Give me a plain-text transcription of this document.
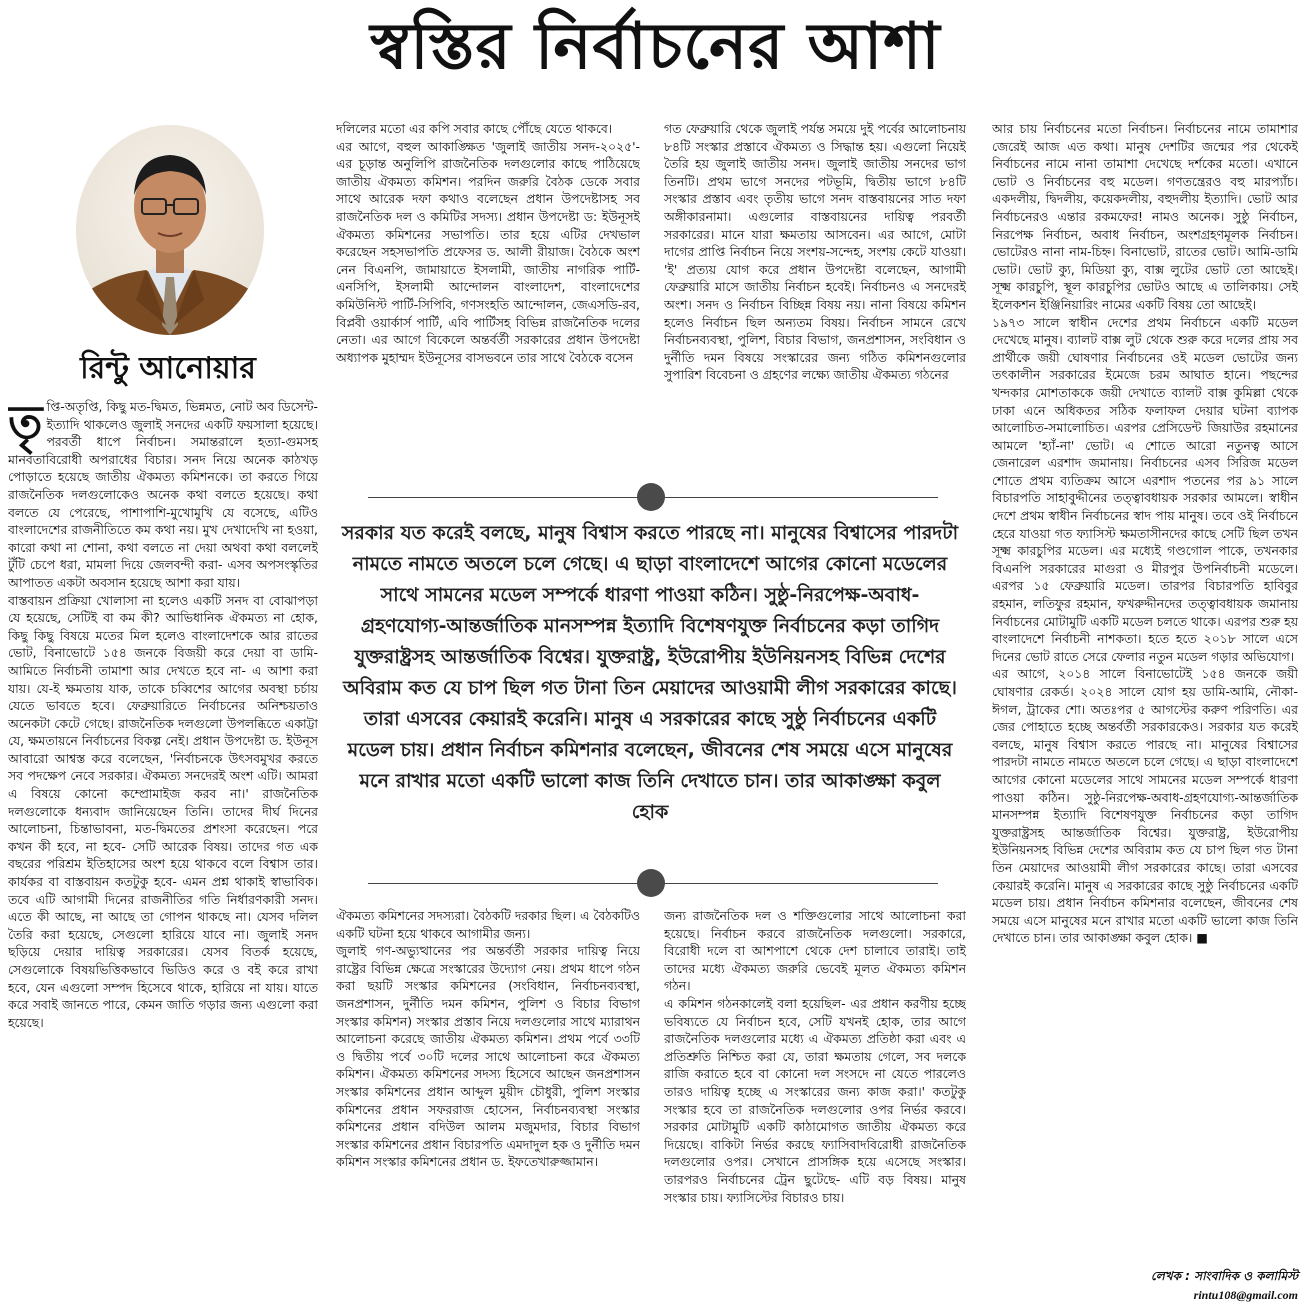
স্বস্তির নির্বাচনের আশা
রিন্টু আনোয়ার

তৃপ্তি-অতৃপ্তি, কিছু মত-দ্বিমত, ভিন্নমত, নোট অব ডিসেন্ট- ইত্যাদি থাকলেও জুলাই সনদের একটি ফয়সালা হয়েছে। পরবর্তী ধাপে নির্বাচন। সমান্তরালে হত্যা-গুমসহ মানবতাবিরোধী অপরাধের বিচার। সনদ নিয়ে অনেক কাঠখড় পোড়াতে হয়েছে জাতীয় ঐকমত্য কমিশনকে। তা করতে গিয়ে রাজনৈতিক দলগুলোকেও অনেক কথা বলতে হয়েছে। কথা বলতে যে পেরেছে, পাশাপাশি-মুখোমুখি যে বসেছে, এটিও বাংলাদেশের রাজনীতিতে কম কথা নয়। মুখ দেখাদেখি না হওয়া, কারো কথা না শোনা, কথা বলতে না দেয়া অথবা কথা বললেই টুঁটি চেপে ধরা, মামলা দিয়ে জেলবন্দী করা- এসব অপসংস্কৃতির আপাতত একটা অবসান হয়েছে আশা করা যায়।

বাস্তবায়ন প্রক্রিয়া খোলাসা না হলেও একটি সনদ বা বোঝাপড়া যে হয়েছে, সেটিই বা কম কী? আভিধানিক ঐকমত্য না হোক, কিছু কিছু বিষয়ে মতের মিল হলেও বাংলাদেশকে আর রাতের ভোট, বিনাভোটে ১৫৪ জনকে বিজয়ী করে দেয়া বা ডামি-আমিতে নির্বাচনী তামাশা আর দেখতে হবে না- এ আশা করা যায়। যে-ই ক্ষমতায় যাক, তাকে চব্বিশের আগের অবস্থা চর্চায় যেতে ভাবতে হবে। ফেব্রুয়ারিতে নির্বাচনের অনিশ্চয়তাও অনেকটা কেটে গেছে। রাজনৈতিক দলগুলো উপলব্ধিতে একাট্টা যে, ক্ষমতায়নে নির্বাচনের বিকল্প নেই। প্রধান উপদেষ্টা ড. ইউনূস আবারো আশ্বস্ত করে বলেছেন, 'নির্বাচনকে উৎসবমুখর করতে সব পদক্ষেপ নেবে সরকার। ঐকমত্য সনদেরই অংশ এটি। আমরা এ বিষয়ে কোনো কম্প্রোমাইজ করব না।' রাজনৈতিক দলগুলোকে ধন্যবাদ জানিয়েছেন তিনি। তাদের দীর্ঘ দিনের আলোচনা, চিন্তাভাবনা, মত-দ্বিমতের প্রশংসা করেছেন। পরে কখন কী হবে, না হবে- সেটি আরেক বিষয়। তাদের গত এক বছরের পরিশ্রম ইতিহাসের অংশ হয়ে থাকবে বলে বিশ্বাস তার। কার্যকর বা বাস্তবায়ন কতটুকু হবে- এমন প্রশ্ন থাকাই স্বাভাবিক। তবে এটি আগামী দিনের রাজনীতির গতি নির্ধারণকারী সনদ। এতে কী আছে, না আছে তা গোপন থাকছে না। যেসব দলিল তৈরি করা হয়েছে, সেগুলো হারিয়ে যাবে না। জুলাই সনদ ছড়িয়ে দেয়ার দায়িত্ব সরকারের। যেসব বিতর্ক হয়েছে, সেগুলোকে বিষয়ভিত্তিকভাবে ভিডিও করে ও বই করে রাখা হবে, যেন এগুলো সম্পদ হিসেবে থাকে, হারিয়ে না যায়। যাতে করে সবাই জানতে পারে, কেমন জাতি গড়ার জন্য এগুলো করা হয়েছে।

দলিলের মতো এর কপি সবার কাছে পৌঁছে যেতে থাকবে।

এর আগে, বহুল আকাঙ্ক্ষিত 'জুলাই জাতীয় সনদ-২০২৫'-এর চূড়ান্ত অনুলিপি রাজনৈতিক দলগুলোর কাছে পাঠিয়েছে জাতীয় ঐকমত্য কমিশন। পরদিন জরুরি বৈঠক ডেকে সবার সাথে আরেক দফা কথাও বলেছেন প্রধান উপদেষ্টাসহ সব রাজনৈতিক দল ও কমিটির সদস্য। প্রধান উপদেষ্টা ড: ইউনূসই ঐকমত্য কমিশনের সভাপতি। তার হয়ে এটির দেখভাল করেছেন সহসভাপতি প্রফেসর ড. আলী রীয়াজ। বৈঠকে অংশ নেন বিএনপি, জামায়াতে ইসলামী, জাতীয় নাগরিক পার্টি-এনসিপি, ইসলামী আন্দোলন বাংলাদেশ, বাংলাদেশের কমিউনিস্ট পার্টি-সিপিবি, গণসংহতি আন্দোলন, জেএসডি-রব, বিপ্লবী ওয়ার্কার্স পার্টি, এবি পার্টিসহ বিভিন্ন রাজনৈতিক দলের নেতা। এর আগে বিকেলে অন্তর্বর্তী সরকারের প্রধান উপদেষ্টা অধ্যাপক মুহাম্মদ ইউনূসের বাসভবনে তার সাথে বৈঠকে বসেন

গত ফেব্রুয়ারি থেকে জুলাই পর্যন্ত সময়ে দুই পর্বের আলোচনায় ৮৪টি সংস্কার প্রস্তাবে ঐকমত্য ও সিদ্ধান্ত হয়। এগুলো নিয়েই তৈরি হয় জুলাই জাতীয় সনদ। জুলাই জাতীয় সনদের ভাগ তিনটি। প্রথম ভাগে সনদের পটভূমি, দ্বিতীয় ভাগে ৮৪টি সংস্কার প্রস্তাব এবং তৃতীয় ভাগে সনদ বাস্তবায়নের সাত দফা অঙ্গীকারনামা। এগুলোর বাস্তবায়নের দায়িত্ব পরবর্তী সরকারের। মানে যারা ক্ষমতায় আসবেন। এর আগে, মোটা দাগের প্রাপ্তি নির্বাচন নিয়ে সংশয়-সন্দেহ, সংশয় কেটে যাওয়া। 'ই' প্রত্যয় যোগ করে প্রধান উপদেষ্টা বলেছেন, আগামী ফেব্রুয়ারি মাসে জাতীয় নির্বাচন হবেই। নির্বাচনও এ সনদেরই অংশ। সনদ ও নির্বাচন বিচ্ছিন্ন বিষয় নয়। নানা বিষয়ে কমিশন হলেও নির্বাচন ছিল অন্যতম বিষয়। নির্বাচন সামনে রেখে নির্বাচনব্যবস্থা, পুলিশ, বিচার বিভাগ, জনপ্রশাসন, সংবিধান ও দুর্নীতি দমন বিষয়ে সংস্কারের জন্য গঠিত কমিশনগুলোর সুপারিশ বিবেচনা ও গ্রহণের লক্ষ্যে জাতীয় ঐকমত্য গঠনের

আর চায় নির্বাচনের মতো নির্বাচন। নির্বাচনের নামে তামাশার জেরেই আজ এত কথা। মানুষ দেশটির জন্মের পর থেকেই নির্বাচনের নামে নানা তামাশা দেখেছে দর্শকের মতো। এখানে ভোট ও নির্বাচনের বহু মডেল। গণতন্ত্রেরও বহু মারপ্যাঁচ। একদলীয়, দ্বিদলীয়, কয়েকদলীয়, বহুদলীয় ইত্যাদি। ভোট আর নির্বাচনেরও এন্তার রকমফের! নামও অনেক। সুষ্ঠু নির্বাচন, নিরপেক্ষ নির্বাচন, অবাধ নির্বাচন, অংশগ্রহণমূলক নির্বাচন। ভোটেরও নানা নাম-চিহ্ন। বিনাভোট, রাতের ভোট। আমি-ডামি ভোট। ভোট ক্যু, মিডিয়া ক্যু, বাক্স লুটের ভোট তো আছেই। সূক্ষ্ম কারচুপি, স্থূল কারচুপির ভোটও আছে এ তালিকায়। সেই ইলেকশন ইঞ্জিনিয়ারিং নামের একটি বিষয় তো আছেই।

১৯৭৩ সালে স্বাধীন দেশের প্রথম নির্বাচনে একটি মডেল দেখেছে মানুষ। ব্যালট বাক্স লুট থেকে শুরু করে দলের প্রায় সব প্রার্থীকে জয়ী ঘোষণার নির্বাচনের ওই মডেল ভোটের জন্য তৎকালীন সরকারের ইমেজে চরম আঘাত হানে। পছন্দের খন্দকার মোশতাককে জয়ী দেখাতে ব্যালট বাক্স কুমিল্লা থেকে ঢাকা এনে অধিকতর সঠিক ফলাফল দেয়ার ঘটনা ব্যাপক আলোচিত-সমালোচিত। এরপর প্রেসিডেন্ট জিয়াউর রহমানের আমলে 'হ্যাঁ-না' ভোট। এ শোতে আরো নতুনত্ব আসে জেনারেল এরশাদ জমানায়। নির্বাচনের এসব সিরিজ মডেল শোতে প্রথম ব্যতিক্রম আসে এরশাদ পতনের পর ৯১ সালে বিচারপতি সাহাবুদ্দীনের তত্ত্বাবধায়ক সরকার আমলে। স্বাধীন দেশে প্রথম স্বাধীন নির্বাচনের স্বাদ পায় মানুষ। তবে ওই নির্বাচনে হেরে যাওয়া গত ফ্যাসিস্ট ক্ষমতাসীনদের কাছে সেটি ছিল তখন সূক্ষ্ম কারচুপির মডেল। এর মধ্যেই গণ্ডগোল পাকে, তখনকার বিএনপি সরকারের মাগুরা ও মীরপুর উপনির্বাচনী মডেলে। এরপর ১৫ ফেব্রুয়ারি মডেল। তারপর বিচারপতি হাবিবুর রহমান, লতিফুর রহমান, ফখরুদ্দীনদের তত্ত্বাবধায়ক জমানায় নির্বাচনের মোটামুটি একটি মডেল চলতে থাকে। এরপর শুরু হয় বাংলাদেশে নির্বাচনী নাশকতা। হতে হতে ২০১৮ সালে এসে দিনের ভোট রাতে সেরে ফেলার নতুন মডেল গড়ার অভিযোগ।

এর আগে, ২০১৪ সালে বিনাভোটেই ১৫৪ জনকে জয়ী ঘোষণার রেকর্ড। ২০২৪ সালে যোগ হয় ডামি-আমি, নৌকা-ঈগল, ট্রাকের শো। অতঃপর ৫ আগস্টের করুণ পরিণতি। এর জের পোহাতে হচ্ছে অন্তর্বর্তী সরকারকেও। সরকার যত করেই বলছে, মানুষ বিশ্বাস করতে পারছে না। মানুষের বিশ্বাসের পারদটা নামতে নামতে অতলে চলে গেছে। এ ছাড়া বাংলাদেশে আগের কোনো মডেলের সাথে সামনের মডেল সম্পর্কে ধারণা পাওয়া কঠিন। সুষ্ঠু-নিরপেক্ষ-অবাধ-গ্রহণযোগ্য-আন্তর্জাতিক মানসম্পন্ন ইত্যাদি বিশেষণযুক্ত নির্বাচনের কড়া তাগিদ যুক্তরাষ্ট্রসহ আন্তর্জাতিক বিশ্বের। যুক্তরাষ্ট্র, ইউরোপীয় ইউনিয়নসহ বিভিন্ন দেশের অবিরাম কত যে চাপ ছিল গত টানা তিন মেয়াদের আওয়ামী লীগ সরকারের কাছে। তারা এসবের কেয়ারই করেনি। মানুষ এ সরকারের কাছে সুষ্ঠু নির্বাচনের একটি মডেল চায়। প্রধান নির্বাচন কমিশনার বলেছেন, জীবনের শেষ সময়ে এসে মানুষের মনে রাখার মতো একটি ভালো কাজ তিনি দেখাতে চান। তার আকাঙ্ক্ষা কবুল হোক। ■

সরকার যত করেই বলছে, মানুষ বিশ্বাস করতে পারছে না। মানুষের বিশ্বাসের পারদটা নামতে নামতে অতলে চলে গেছে। এ ছাড়া বাংলাদেশে আগের কোনো মডেলের সাথে সামনের মডেল সম্পর্কে ধারণা পাওয়া কঠিন। সুষ্ঠু-নিরপেক্ষ-অবাধ-গ্রহণযোগ্য-আন্তর্জাতিক মানসম্পন্ন ইত্যাদি বিশেষণযুক্ত নির্বাচনের কড়া তাগিদ যুক্তরাষ্ট্রসহ আন্তর্জাতিক বিশ্বের। যুক্তরাষ্ট্র, ইউরোপীয় ইউনিয়নসহ বিভিন্ন দেশের অবিরাম কত যে চাপ ছিল গত টানা তিন মেয়াদের আওয়ামী লীগ সরকারের কাছে। তারা এসবের কেয়ারই করেনি। মানুষ এ সরকারের কাছে সুষ্ঠু নির্বাচনের একটি মডেল চায়। প্রধান নির্বাচন কমিশনার বলেছেন, জীবনের শেষ সময়ে এসে মানুষের মনে রাখার মতো একটি ভালো কাজ তিনি দেখাতে চান। তার আকাঙ্ক্ষা কবুল হোক

ঐকমত্য কমিশনের সদস্যরা। বৈঠকটি দরকার ছিল। এ বৈঠকটিও একটি ঘটনা হয়ে থাকবে আগামীর জন্য।

জুলাই গণ-অভ্যুত্থানের পর অন্তর্বর্তী সরকার দায়িত্ব নিয়ে রাষ্ট্রের বিভিন্ন ক্ষেত্রে সংস্কারের উদ্যোগ নেয়। প্রথম ধাপে গঠন করা ছয়টি সংস্কার কমিশনের (সংবিধান, নির্বাচনব্যবস্থা, জনপ্রশাসন, দুর্নীতি দমন কমিশন, পুলিশ ও বিচার বিভাগ সংস্কার কমিশন) সংস্কার প্রস্তাব নিয়ে দলগুলোর সাথে ম্যারাথন আলোচনা করেছে জাতীয় ঐকমত্য কমিশন। প্রথম পর্বে ৩৩টি ও দ্বিতীয় পর্বে ৩০টি দলের সাথে আলোচনা করে ঐকমত্য কমিশন। ঐকমত্য কমিশনের সদস্য হিসেবে আছেন জনপ্রশাসন সংস্কার কমিশনের প্রধান আব্দুল মুয়ীদ চৌধুরী, পুলিশ সংস্কার কমিশনের প্রধান সফররাজ হোসেন, নির্বাচনব্যবস্থা সংস্কার কমিশনের প্রধান বদিউল আলম মজুমদার, বিচার বিভাগ সংস্কার কমিশনের প্রধান বিচারপতি এমদাদুল হক ও দুর্নীতি দমন কমিশন সংস্কার কমিশনের প্রধান ড. ইফতেখারুজ্জামান।

জন্য রাজনৈতিক দল ও শক্তিগুলোর সাথে আলোচনা করা হয়েছে। নির্বাচন করবে রাজনৈতিক দলগুলো। সরকারে, বিরোধী দলে বা আশপাশে থেকে দেশ চালাবে তারাই। তাই তাদের মধ্যে ঐকমত্য জরুরি ভেবেই মূলত ঐকমত্য কমিশন গঠন।

এ কমিশন গঠনকালেই বলা হয়েছিল- এর প্রধান করণীয় হচ্ছে ভবিষ্যতে যে নির্বাচন হবে, সেটি যখনই হোক, তার আগে রাজনৈতিক দলগুলোর মধ্যে এ ঐকমত্য প্রতিষ্ঠা করা এবং এ প্রতিশ্রুতি নিশ্চিত করা যে, তারা ক্ষমতায় গেলে, সব দলকে রাজি করাতে হবে বা কোনো দল সংসদে না যেতে পারলেও তারও দায়িত্ব হচ্ছে এ সংস্কারের জন্য কাজ করা।' কতটুকু সংস্কার হবে তা রাজনৈতিক দলগুলোর ওপর নির্ভর করবে। সরকার মোটামুটি একটি কাঠামোগত জাতীয় ঐকমত্য করে দিয়েছে। বাকিটা নির্ভর করছে ফ্যাসিবাদবিরোধী রাজনৈতিক দলগুলোর ওপর। সেখানে প্রাসঙ্গিক হয়ে এসেছে সংস্কার। তারপরও নির্বাচনের ট্রেন ছুটেছে- এটি বড় বিষয়। মানুষ সংস্কার চায়। ফ্যাসিস্টের বিচারও চায়।

লেখক : সাংবাদিক ও কলামিস্ট
rintu108@gmail.com
